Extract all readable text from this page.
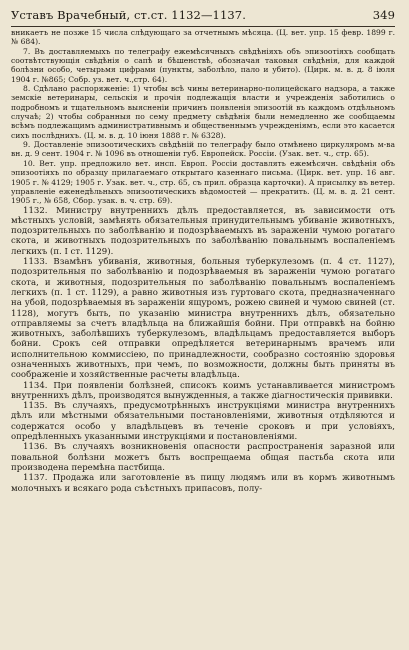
Уставъ Врачебный, ст.ст. 1132—1137.	349

вникаетъ не позже 15 числа слѣдующаго за отчетнымъ мѣсяца. (Ц. вет. упр. 15 февр. 1899 г. № 684).

7. Въ доставляемыхъ по телеграфу ежемѣсячныхъ свѣдѣніяхъ объ эпизоотіяхъ сообщать соотвѣтствующія свѣдѣнія о сапѣ и бѣшенствѣ, обозначая таковыя свѣдѣнія, для каждой болѣзни особо, четырьмя цифрами (пункты, заболѣло, пало и убито). (Цирк. м. в. д. 8 іюля 1904 г. №865; Собр. уз. вет. ч.,стр. 64).

8. Сдѣлано распоряженіе: 1) чтобы всѣ чины ветеринарно-полицейскаго надзора, а также земскіе ветеринары, сельскія и прочія подлежащія власти и учрежденія заботились о подробномъ и тщательномъ выясненіи причинъ появленія эпизоотій въ каждомъ отдѣльномъ случаѣ; 2) чтобы собранныя по сему предмету свѣдѣнія были немедленно же сообщаемы всѣмъ подлежащимъ административнымъ и общественнымъ учрежденіямъ, если это касается сихъ послѣднихъ. (Ц. м. в. д. 10 іюня 1888 г. № 6328).

9. Доставленіе эпизоотическихъ свѣдѣній по телеграфу было отмѣнено циркуляромъ м-ва вн. д. 9 сент. 1904 г. № 1096 въ отношеніи губ. Европейск. Россіи. (Узак. вет. ч., стр. 65).

10. Вет. упр. предложило вет. инсп. Европ. Россіи доставлять ежемѣсячн. свѣдѣнія объ эпизоотіяхъ по образцу прилагаемаго открытаго казеннаго письма. (Цирк. вет. упр. 16 авг. 1905 г. № 4129; 1905 г. Узак. вет. ч., стр. 65, съ прил. образца карточки). А присылку въ ветер. управленіе еженедѣльныхъ эпизоотическихъ вѣдомостей — прекратить. (Ц. м. в. д. 21 сент. 1905 г., № 658, Сбор. узак. в. ч. стр. 69).

1132. Министру внутреннихъ дѣлъ предоставляется, въ зависимости отъ мѣстныхъ условій, замѣнять обязательныя принудительнымъ убиваніе животныхъ, подозрительныхъ по заболѣванію и подозрѣваемыхъ въ зараженіи чумою рогатаго скота, и животныхъ подозрительныхъ по заболѣванію повальнымъ воспаленіемъ легкихъ (п. I ст. 1129).

1133. Взамѣнъ убиванія, животныя, больныя туберкулезомъ (п. 4 ст. 1127), подозрительныя по заболѣванію и подозрѣваемыя въ зараженіи чумою рогатаго скота, и животныя, подозрительныя по заболѣванію повальнымъ воспаленіемъ легкихъ (п. 1 ст. 1129), а равно животныя изъ гуртоваго скота, предназначеннаго на убой, подозрѣваемыя въ зараженіи ящуромъ, рожею свиней и чумою свиней (ст. 1128), могутъ быть, по указанію министра внутреннихъ дѣлъ, обязательно отправляемы за счетъ владѣльца на ближайшія бойни. При отправкѣ на бойню животныхъ, заболѣвшихъ туберкулезомъ, владѣльцамъ предоставляется выборъ бойни. Срокъ сей отправки опредѣляется ветеринарнымъ врачемъ или исполнительною коммиссіею, по принадлежности, сообразно состоянію здоровья означенныхъ животныхъ, при чемъ, по возможности, должны быть приняты въ соображеніе и хозяйственные расчеты владѣльца.

1134. При появленіи болѣзней, списокъ коимъ устанавливается министромъ внутреннихъ дѣлъ, производятся вынужденныя, а также діагностическія прививки.

1135. Въ случаяхъ, предусмотрѣнныхъ инструкціями министра внутреннихъ дѣлъ или мѣстными обязательными постановленіями, животныя отдѣляются и содержатся особо у владѣльцевъ въ теченіе сроковъ и при условіяхъ, опредѣленныхъ указанными инструкціями и постановленіями.

1136. Въ случаяхъ возникновенія опасности распространенія заразной или повальной болѣзни можетъ быть воспрещаема общая пастьба скота или производена перемѣна пастбища.

1137. Продажа или заготовленіе въ пищу людямъ или въ кормъ животнымъ молочныхъ и всякаго рода съѣстныхъ припасовъ, полу-
